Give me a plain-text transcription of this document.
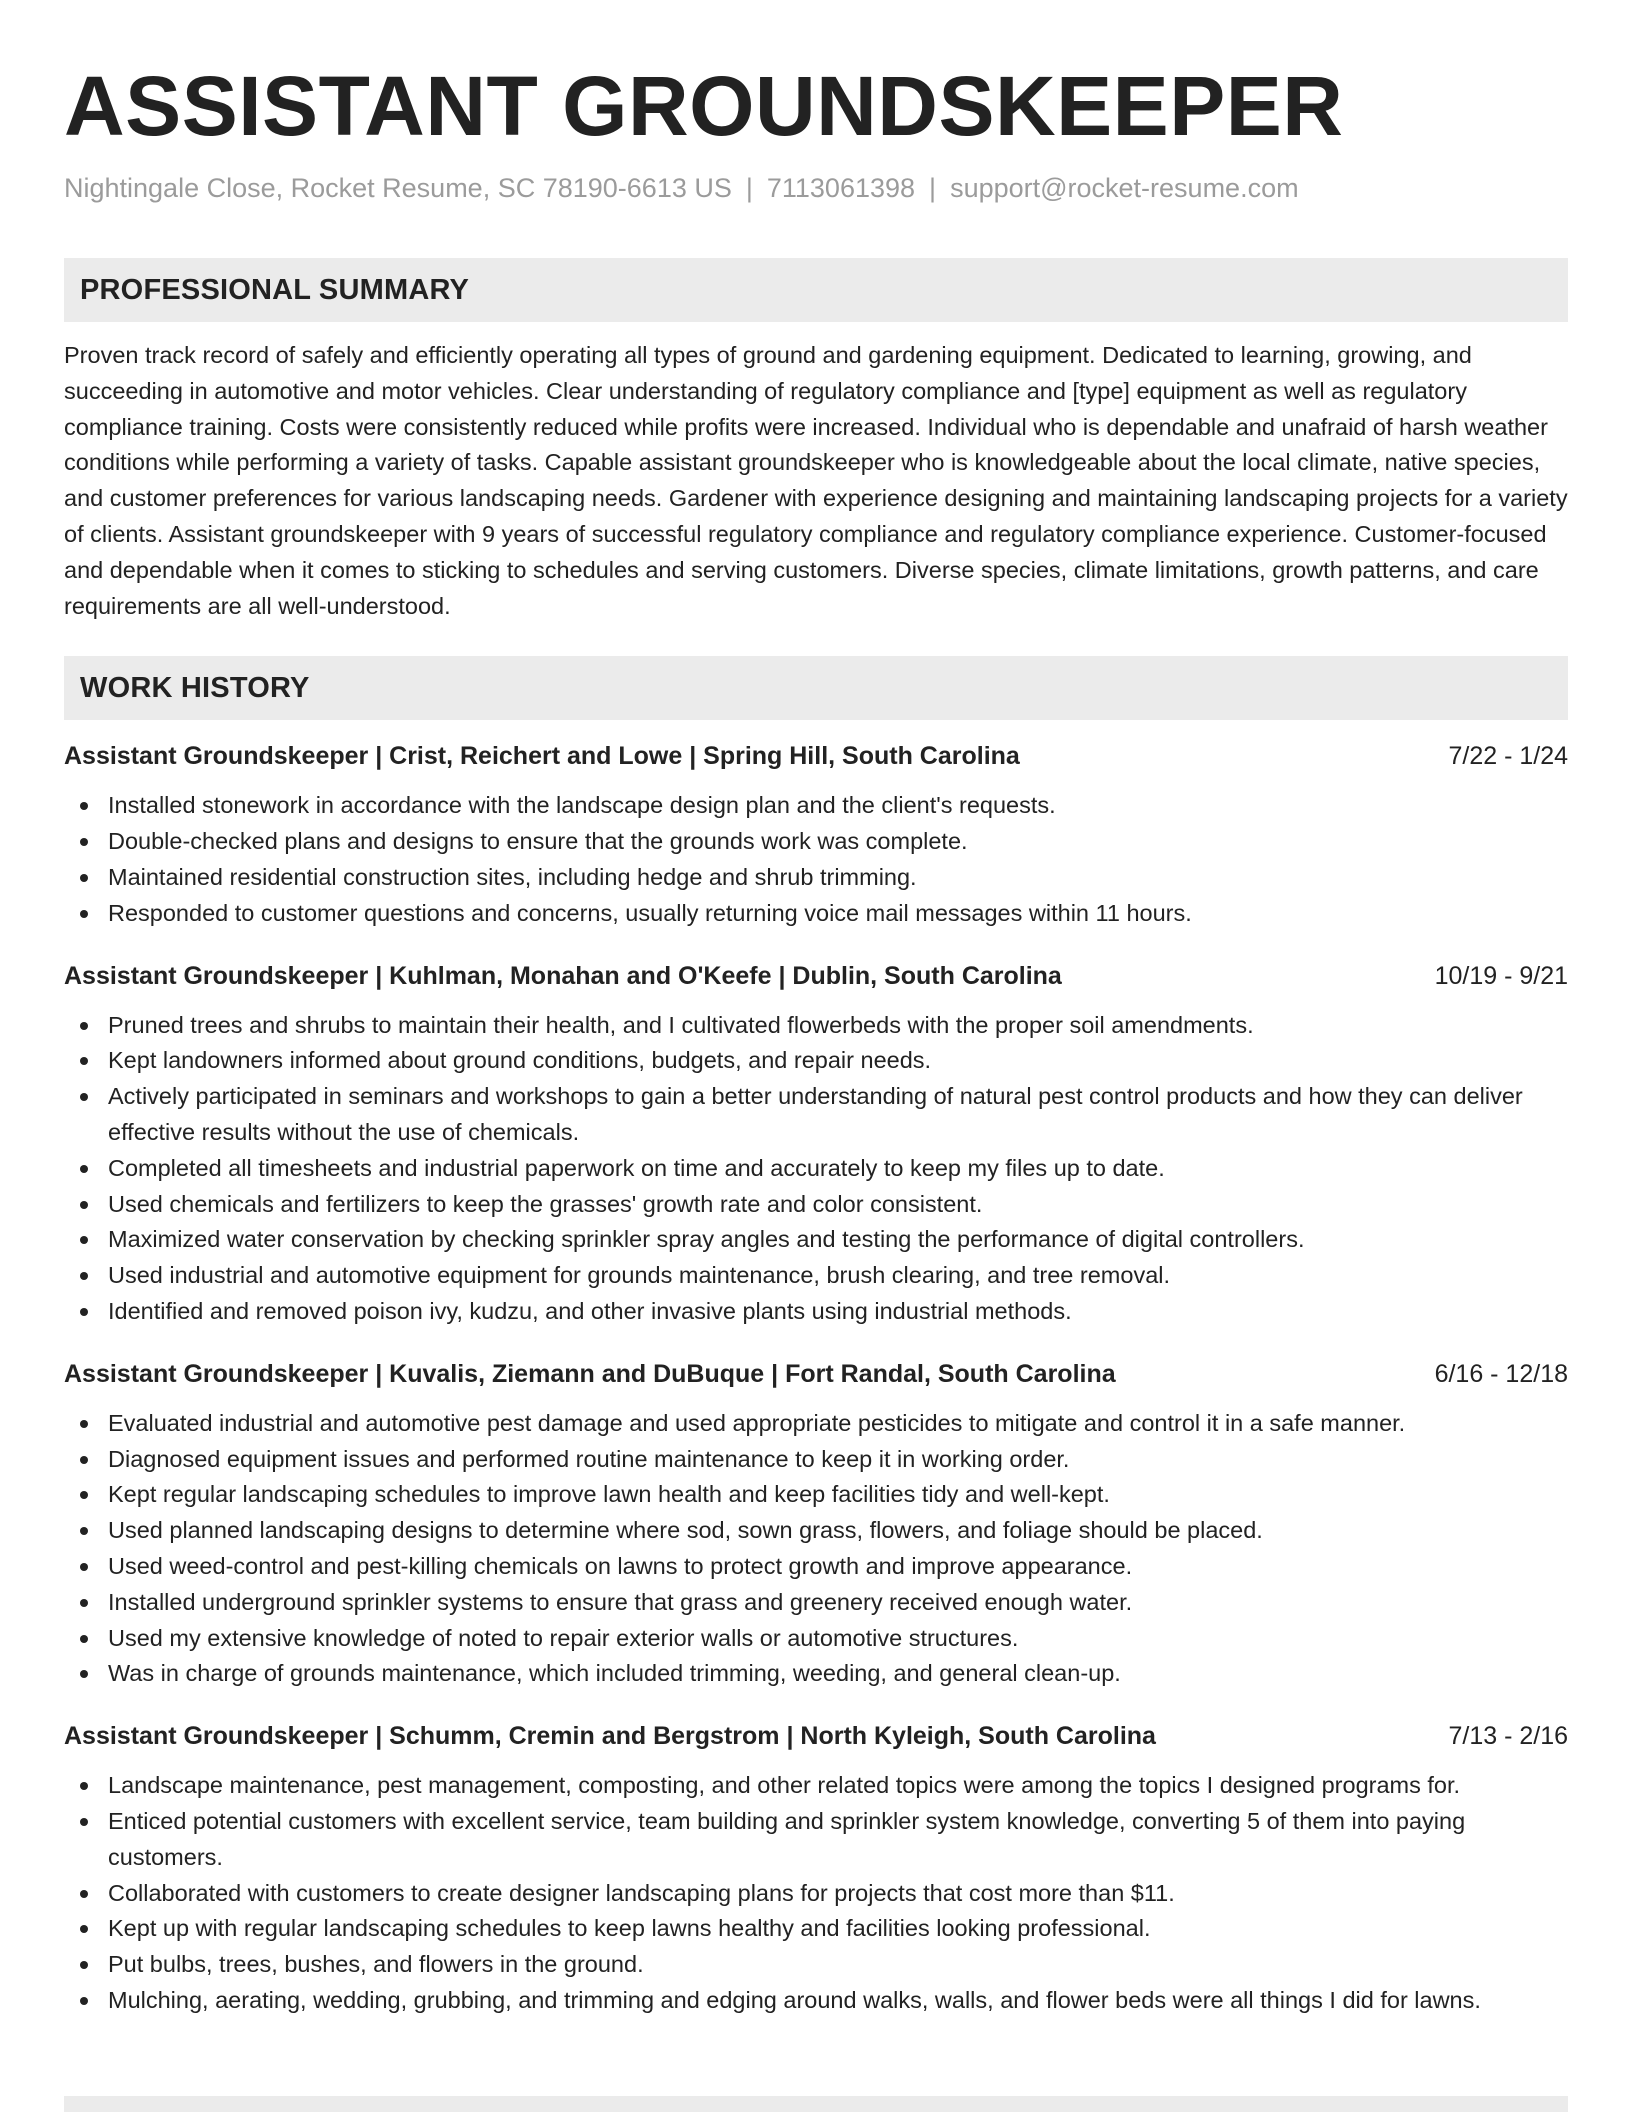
ASSISTANT GROUNDSKEEPER
Nightingale Close, Rocket Resume, SC 78190-6613 US | 7113061398 | support@rocket-resume.com
PROFESSIONAL SUMMARY

Proven track record of safely and efficiently operating all types of ground and gardening equipment. Dedicated to learning, growing, and succeeding in automotive and motor vehicles. Clear understanding of regulatory compliance and [type] equipment as well as regulatory compliance training. Costs were consistently reduced while profits were increased. Individual who is dependable and unafraid of harsh weather conditions while performing a variety of tasks. Capable assistant groundskeeper who is knowledgeable about the local climate, native species, and customer preferences for various landscaping needs. Gardener with experience designing and maintaining landscaping projects for a variety of clients. Assistant groundskeeper with 9 years of successful regulatory compliance and regulatory compliance experience. Customer-focused and dependable when it comes to sticking to schedules and serving customers. Diverse species, climate limitations, growth patterns, and care requirements are all well-understood.

WORK HISTORY
Assistant Groundskeeper | Crist, Reichert and Lowe | Spring Hill, South Carolina	7/22 - 1/24
Installed stonework in accordance with the landscape design plan and the client's requests.
Double-checked plans and designs to ensure that the grounds work was complete.
Maintained residential construction sites, including hedge and shrub trimming.
Responded to customer questions and concerns, usually returning voice mail messages within 11 hours.
Assistant Groundskeeper | Kuhlman, Monahan and O'Keefe | Dublin, South Carolina	10/19 - 9/21
Pruned trees and shrubs to maintain their health, and I cultivated flowerbeds with the proper soil amendments.
Kept landowners informed about ground conditions, budgets, and repair needs.
Actively participated in seminars and workshops to gain a better understanding of natural pest control products and how they can deliver effective results without the use of chemicals.
Completed all timesheets and industrial paperwork on time and accurately to keep my files up to date.
Used chemicals and fertilizers to keep the grasses' growth rate and color consistent.
Maximized water conservation by checking sprinkler spray angles and testing the performance of digital controllers.
Used industrial and automotive equipment for grounds maintenance, brush clearing, and tree removal.
Identified and removed poison ivy, kudzu, and other invasive plants using industrial methods.
Assistant Groundskeeper | Kuvalis, Ziemann and DuBuque | Fort Randal, South Carolina	6/16 - 12/18
Evaluated industrial and automotive pest damage and used appropriate pesticides to mitigate and control it in a safe manner.
Diagnosed equipment issues and performed routine maintenance to keep it in working order.
Kept regular landscaping schedules to improve lawn health and keep facilities tidy and well-kept.
Used planned landscaping designs to determine where sod, sown grass, flowers, and foliage should be placed.
Used weed-control and pest-killing chemicals on lawns to protect growth and improve appearance.
Installed underground sprinkler systems to ensure that grass and greenery received enough water.
Used my extensive knowledge of noted to repair exterior walls or automotive structures.
Was in charge of grounds maintenance, which included trimming, weeding, and general clean-up.
Assistant Groundskeeper | Schumm, Cremin and Bergstrom | North Kyleigh, South Carolina	7/13 - 2/16
Landscape maintenance, pest management, composting, and other related topics were among the topics I designed programs for.
Enticed potential customers with excellent service, team building and sprinkler system knowledge, converting 5 of them into paying customers.
Collaborated with customers to create designer landscaping plans for projects that cost more than $11.
Kept up with regular landscaping schedules to keep lawns healthy and facilities looking professional.
Put bulbs, trees, bushes, and flowers in the ground.
Mulching, aerating, wedding, grubbing, and trimming and edging around walks, walls, and flower beds were all things I did for lawns.
